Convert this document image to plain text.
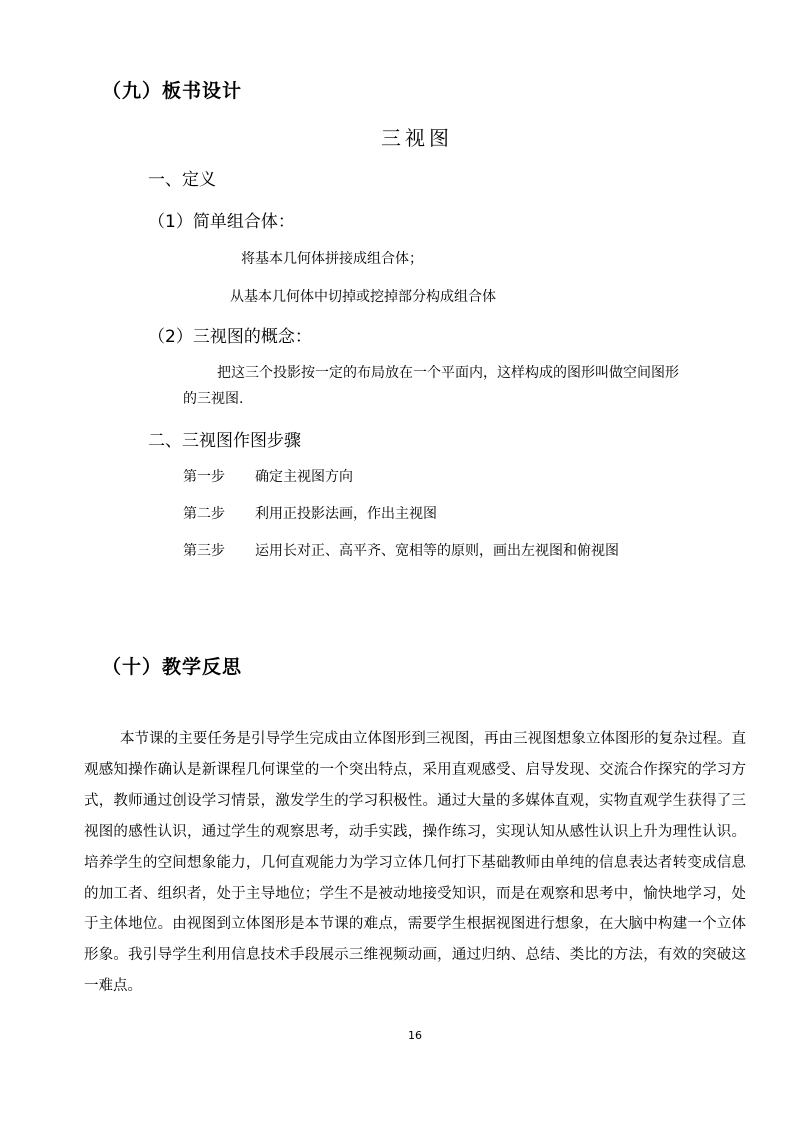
（九）板书设计
三视图
一、定义
（1）简单组合体：
将基本几何体拼接成组合体；
从基本几何体中切掉或挖掉部分构成组合体
（2）三视图的概念：
把这三个投影按一定的布局放在一个平面内，这样构成的图形叫做空间图形
的三视图.
二、三视图作图步骤
第一步 确定主视图方向
第二步 利用正投影法画，作出主视图
第三步 运用长对正、高平齐、宽相等的原则，画出左视图和俯视图
（十）教学反思
本节课的主要任务是引导学生完成由立体图形到三视图，再由三视图想象立体图形的复杂过程。直观感知操作确认是新课程几何课堂的一个突出特点，采用直观感受、启导发现、交流合作探究的学习方式，教师通过创设学习情景，激发学生的学习积极性。通过大量的多媒体直观，实物直观学生获得了三视图的感性认识，通过学生的观察思考，动手实践，操作练习，实现认知从感性认识上升为理性认识。培养学生的空间想象能力，几何直观能力为学习立体几何打下基础教师由单纯的信息表达者转变成信息的加工者、组织者，处于主导地位；学生不是被动地接受知识，而是在观察和思考中，愉快地学习，处于主体地位。由视图到立体图形是本节课的难点，需要学生根据视图进行想象，在大脑中构建一个立体形象。我引导学生利用信息技术手段展示三维视频动画，通过归纳、总结、类比的方法，有效的突破这一难点。
16
